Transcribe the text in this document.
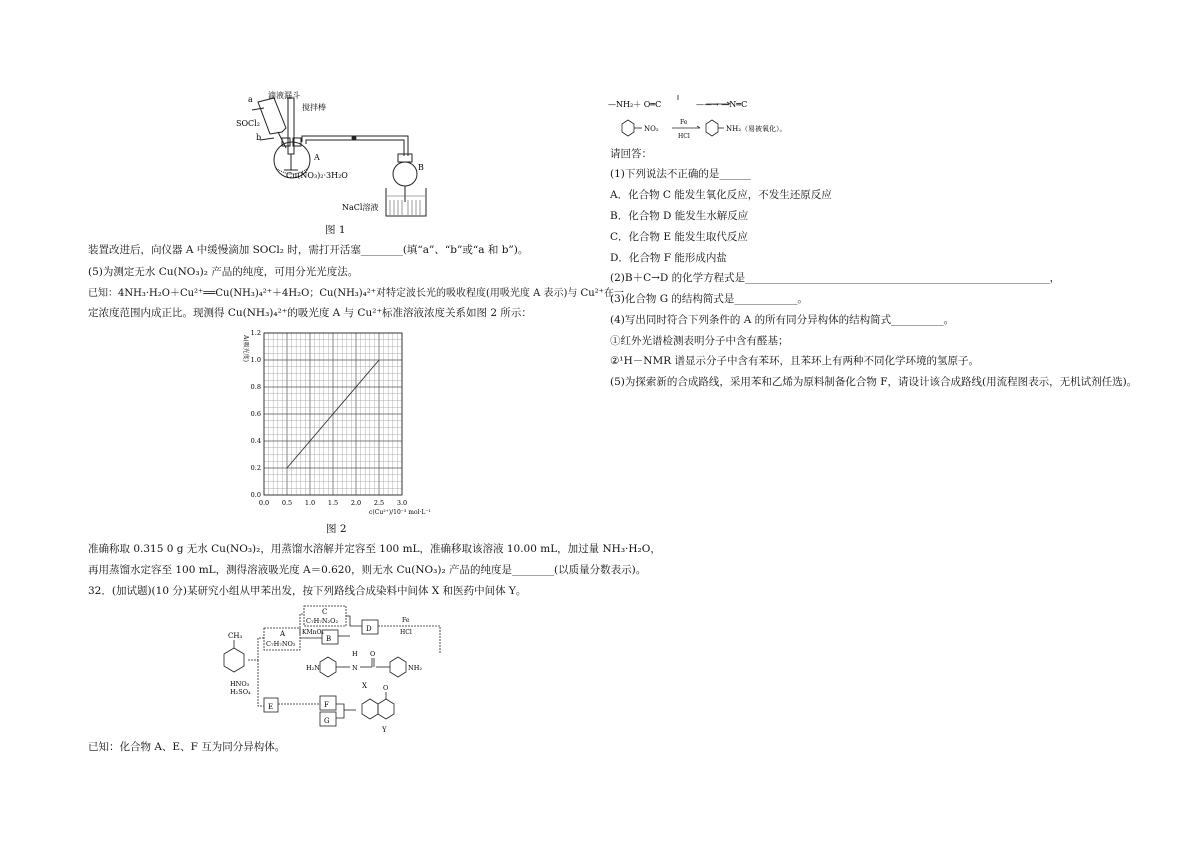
滴液漏斗
搅拌棒
a
SOCl₂
b
A
Cu(NO₃)₂·3H₂O
B
NaCl溶液
图 1
装置改进后，向仪器 A 中缓慢滴加 SOCl₂ 时，需打开活塞________(填“a”、“b”或“a 和 b”)。
(5)为测定无水 Cu(NO₃)₂ 产品的纯度，可用分光光度法。
已知：4NH₃·H₂O＋Cu²⁺══Cu(NH₃)₄²⁺＋4H₂O；Cu(NH₃)₄²⁺对特定波长光的吸收程度(用吸光度 A 表示)与 Cu²⁺在一
定浓度范围内成正比。现测得 Cu(NH₃)₄²⁺的吸光度 A 与 Cu²⁺标准溶液浓度关系如图 2 所示：
0.0 0.5 1.0 1.5 2.0 2.5 3.0
0.0
0.2
0.4
0.6
0.8
1.0
1.2
c(Cu²⁺)/10⁻³ mol·L⁻¹
A(吸光度)
图 2
准确称取 0.315 0 g 无水 Cu(NO₃)₂，用蒸馏水溶解并定容至 100 mL，准确移取该溶液 10.00 mL，加过量 NH₃·H₂O，
再用蒸馏水定容至 100 mL，测得溶液吸光度 A＝0.620，则无水 Cu(NO₃)₂ 产品的纯度是________(以质量分数表示)。
32．(加试题)(10 分)某研究小组从甲苯出发，按下列路线合成染料中间体 X 和医药中间体 Y。
CH₃
HNO₃
H₂SO₄
A
C₇H₇NO₂
KMnO₄
B
C
C₇H₇N₂O₂
D
Fe
HCl
H₂N
H
N
O
NH₂
X
E	F
G
O
Y
已知：化合物 A、E、F 互为同分异构体。
—NH₂＋ O═C	——→ —N═C
NO₂
Fe
HCl
NH₂（易被氧化）。
请回答：
(1)下列说法不正确的是______
A．化合物 C 能发生氧化反应，不发生还原反应
B．化合物 D 能发生水解反应
C．化合物 E 能发生取代反应
D．化合物 F 能形成内盐
(2)B＋C→D 的化学方程式是__________________________________________________________，
(3)化合物 G 的结构简式是____________。
(4)写出同时符合下列条件的 A 的所有同分异构体的结构简式__________。
①红外光谱检测表明分子中含有醛基；
②¹H－NMR 谱显示分子中含有苯环，且苯环上有两种不同化学环境的氢原子。
(5)为探索新的合成路线，采用苯和乙烯为原料制备化合物 F，请设计该合成路线(用流程图表示，无机试剂任选)。
